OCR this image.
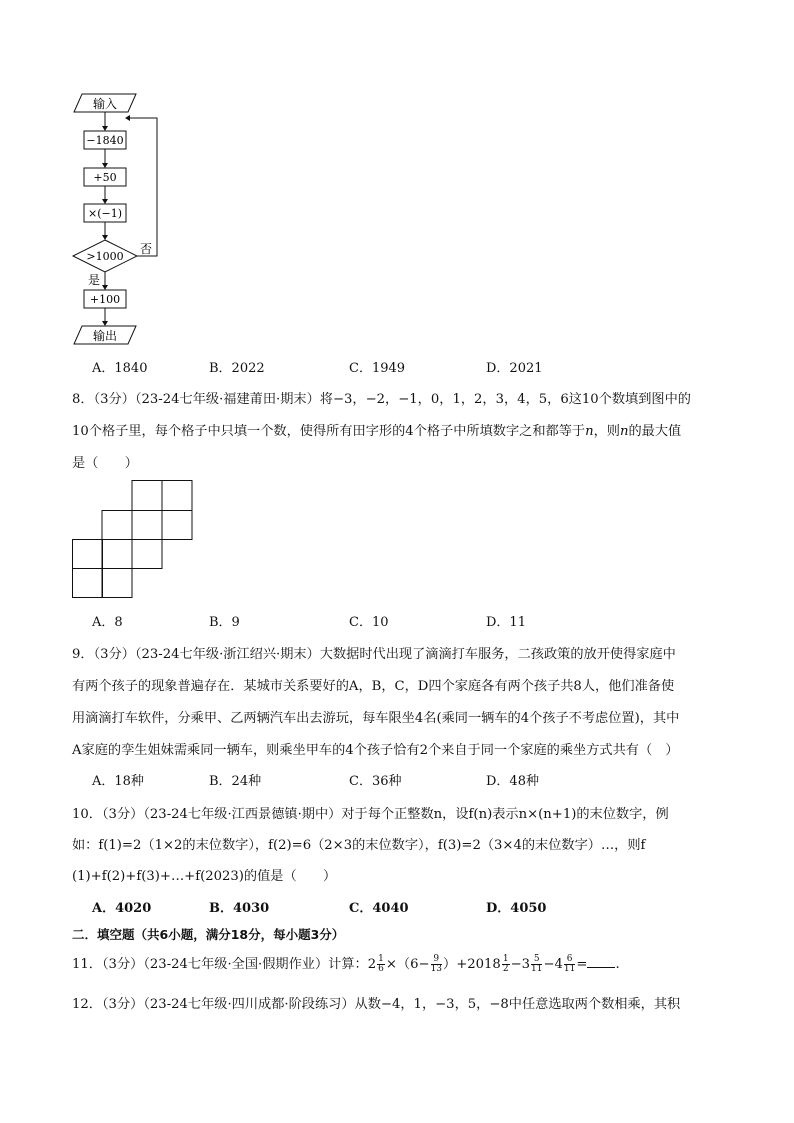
输入
−1840
+50
×(−1)
>1000
否
是
+100
输出
A．1840	B．2022	C．1949	D．2021
8．（3分）（23-24七年级·福建莆田·期末）将−3，−2，−1，0，1，2，3，4，5，6这10个数填到图中的
10个格子里，每个格子中只填一个数，使得所有田字形的4个格子中所填数字之和都等于n，则n的最大值
是（　　）
A．8	B．9	C．10	D．11
9．（3分）（23-24七年级·浙江绍兴·期末）大数据时代出现了滴滴打车服务，二孩政策的放开使得家庭中
有两个孩子的现象普遍存在．某城市关系要好的A，B，C，D四个家庭各有两个孩子共8人，他们准备使
用滴滴打车软件，分乘甲、乙两辆汽车出去游玩，每车限坐4名(乘同一辆车的4个孩子不考虑位置)，其中
A家庭的孪生姐妹需乘同一辆车，则乘坐甲车的4个孩子恰有2个来自于同一个家庭的乘坐方式共有（　）
A．18种	B．24种	C．36种	D．48种
10．（3分）（23-24七年级·江西景德镇·期中）对于每个正整数n，设f(n)表示n×(n+1)的末位数字，例
如：f(1)=2（1×2的末位数字），f(2)=6（2×3的末位数字），f(3)=2（3×4的末位数字）…，则f
(1)+f(2)+f(3)+…+f(2023)的值是（　　）
A．4020	B．4030	C．4040	D．4050
二．填空题（共6小题，满分18分，每小题3分）
11．（3分）（23-24七年级·全国·假期作业）计算：$2 \frac{1}{6} \times(6- \frac{9}{13} )+2018 \frac{1}{2} -3 \frac{5}{11} -4 \frac{6}{11}$ = .
12．（3分）（23-24七年级·四川成都·阶段练习）从数−4，1，−3，5，−8中任意选取两个数相乘，其积
